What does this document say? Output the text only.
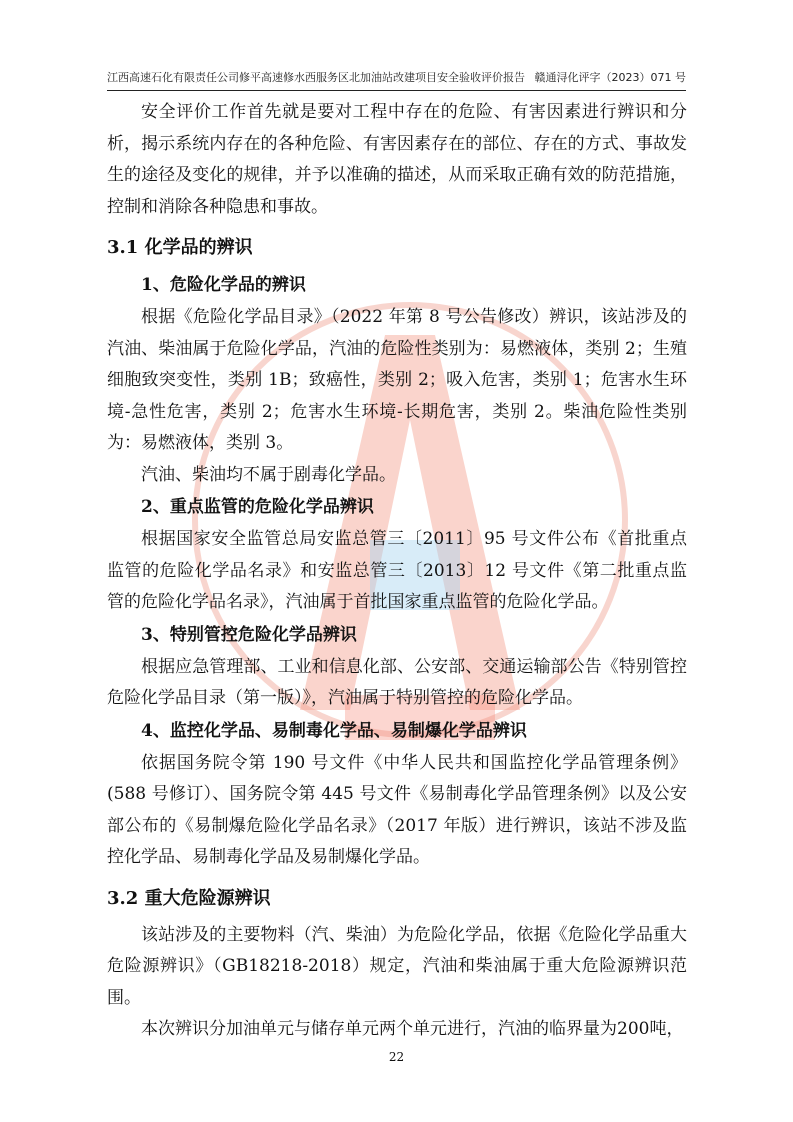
江西高速石化有限责任公司修平高速修水西服务区北加油站改建项目安全验收评价报告 赣通浔化评字（2023）071 号

安全评价工作首先就是要对工程中存在的危险、有害因素进行辨识和分析，揭示系统内存在的各种危险、有害因素存在的部位、存在的方式、事故发生的途径及变化的规律，并予以准确的描述，从而采取正确有效的防范措施，控制和消除各种隐患和事故。

3.1 化学品的辨识
1、危险化学品的辨识

根据《危险化学品目录》（2022 年第 8 号公告修改）辨识，该站涉及的汽油、柴油属于危险化学品，汽油的危险性类别为：易燃液体，类别 2；生殖细胞致突变性，类别 1B；致癌性，类别 2；吸入危害，类别 1；危害水生环境-急性危害，类别 2；危害水生环境-长期危害，类别 2。柴油危险性类别为：易燃液体，类别 3。

汽油、柴油均不属于剧毒化学品。

2、重点监管的危险化学品辨识

根据国家安全监管总局安监总管三〔2011〕95 号文件公布《首批重点监管的危险化学品名录》和安监总管三〔2013〕12 号文件《第二批重点监管的危险化学品名录》，汽油属于首批国家重点监管的危险化学品。

3、特别管控危险化学品辨识

根据应急管理部、工业和信息化部、公安部、交通运输部公告《特别管控危险化学品目录（第一版）》，汽油属于特别管控的危险化学品。

4、监控化学品、易制毒化学品、易制爆化学品辨识

依据国务院令第 190 号文件《中华人民共和国监控化学品管理条例》(588 号修订）、国务院令第 445 号文件《易制毒化学品管理条例》以及公安部公布的《易制爆危险化学品名录》（2017 年版）进行辨识，该站不涉及监控化学品、易制毒化学品及易制爆化学品。

3.2 重大危险源辨识

该站涉及的主要物料（汽、柴油）为危险化学品，依据《危险化学品重大危险源辨识》（GB18218-2018）规定，汽油和柴油属于重大危险源辨识范围。

本次辨识分加油单元与储存单元两个单元进行，汽油的临界量为200吨，

22
